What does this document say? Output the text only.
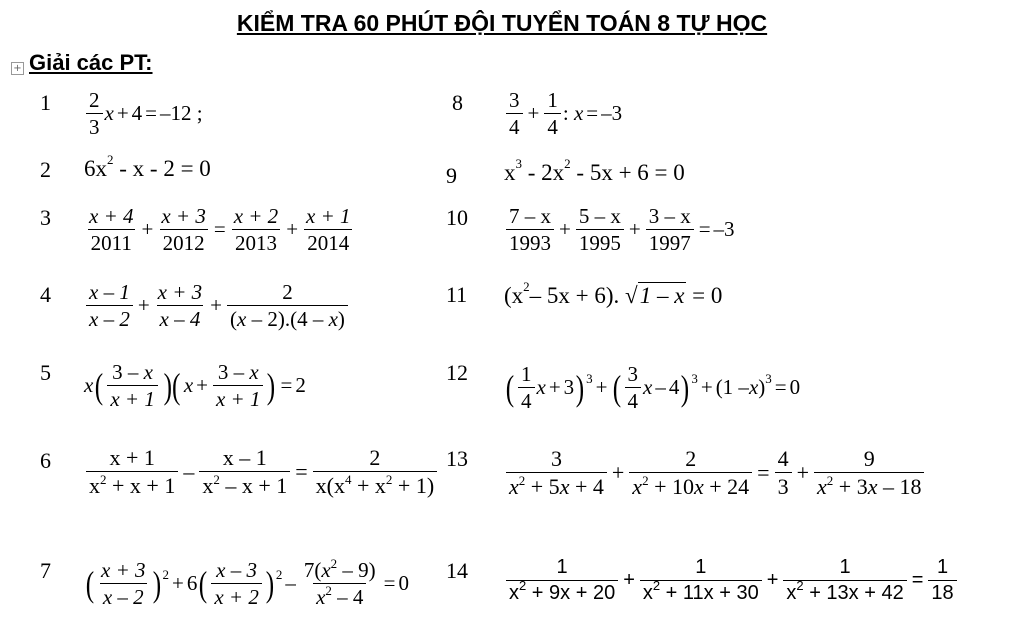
KIỂM TRA 60 PHÚT ĐỘI TUYỂN TOÁN 8 TỰ HỌC
+ Giải các PT:
1
2
3
4
5
6
7
8
9
10
11
12
13
14
2
3
x + 4 = –12 ;
6x 2 - x - 2 = 0
x + 4
2011
+ $\frac{x + 3}{2012} = \frac{x + 2}{2013} + \frac{x + 1}{2014}$
x – 1
x – 2
+ $\frac{x + 3}{x - 4} + \frac{2}{(x - 2).(4 - x)}$
x ( 3 – x
x + 1 )( $x + \frac{3 - x}{x + 1}$ ) = 2
x + 1
$x^2 + x + 1$
– $\frac{x - 1}{x^2 - x + 1} = \frac{2}{x(x^4 + x^2 + 1)}$
( x + 3
x – 2 ) 2 + 6 ( x – 3
x + 2 ) $2 - \frac{7(x^2 - 9)}{x^2 - 4} = 0$
3
4
+ $\frac{1}{4}$ : x = –3
x 3 - 2x 2 - 5x + 6 = 0
7 – x
1993
+ $\frac{5 - x}{1995} + \frac{3 - x}{1997} = -3$
(x 2 – 5x + 6). √ 1 – x = 0
( 1
4
x + 3 ) 3 + ( 3
4
x – 4 ) 3 + (1 – x ) 3 = 0
3
$x^2 + 5x + 4$
+ $\frac{2}{x^2 + 10x + 24} = \frac{4}{3} + \frac{9}{x^2 + 3x - 18}$
1
$x^2 + 9x + 20$
+ $\frac{1}{x^2 + 11x + 30} + \frac{1}{x^2 + 13x + 42} = \frac{1}{18}$
